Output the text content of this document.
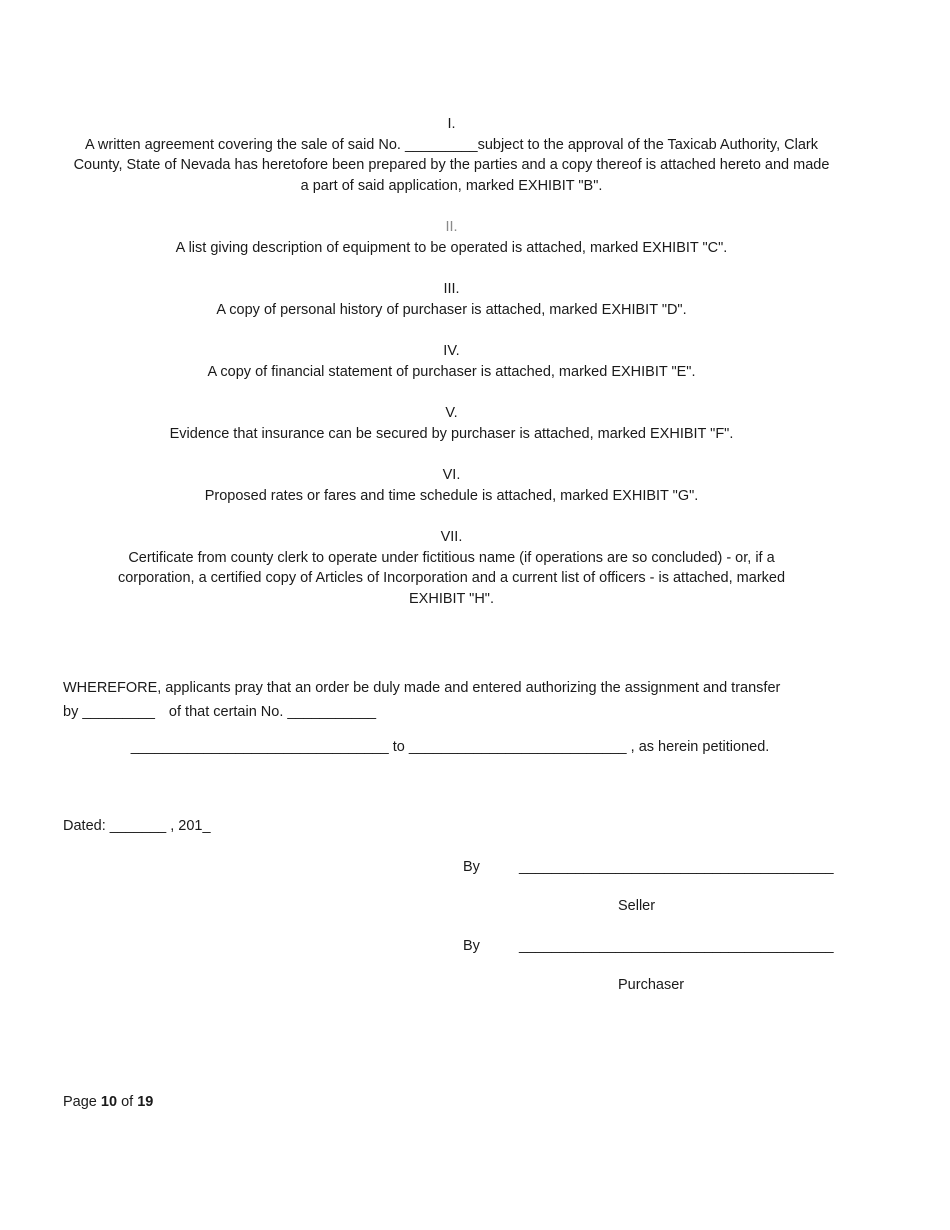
I.
A written agreement covering the sale of said No. _________subject to the approval of the Taxicab Authority, Clark County, State of Nevada has heretofore been prepared by the parties and a copy thereof is attached hereto and made a part of said application, marked EXHIBIT "B".
II.
A list giving description of equipment to be operated is attached, marked EXHIBIT "C".
III.
A copy of personal history of purchaser is attached, marked EXHIBIT "D".
IV.
A copy of financial statement of purchaser is attached, marked EXHIBIT "E".
V.
Evidence that insurance can be secured by purchaser is attached, marked EXHIBIT "F".
VI.
Proposed rates or fares and time schedule is attached, marked EXHIBIT "G".
VII.
Certificate from county clerk to operate under fictitious name (if operations are so concluded) - or, if a corporation, a certified copy of Articles of Incorporation and a current list of officers - is attached, marked EXHIBIT "H".
WHEREFORE, applicants pray that an order be duly made and entered authorizing the assignment and transfer
by _________ of that certain No. ___________
________________________________ to ___________________________ , as herein petitioned.
Dated: _______ , 201_
By	_______________________________________
Seller
By	_______________________________________
Purchaser
Page 10 of 19
